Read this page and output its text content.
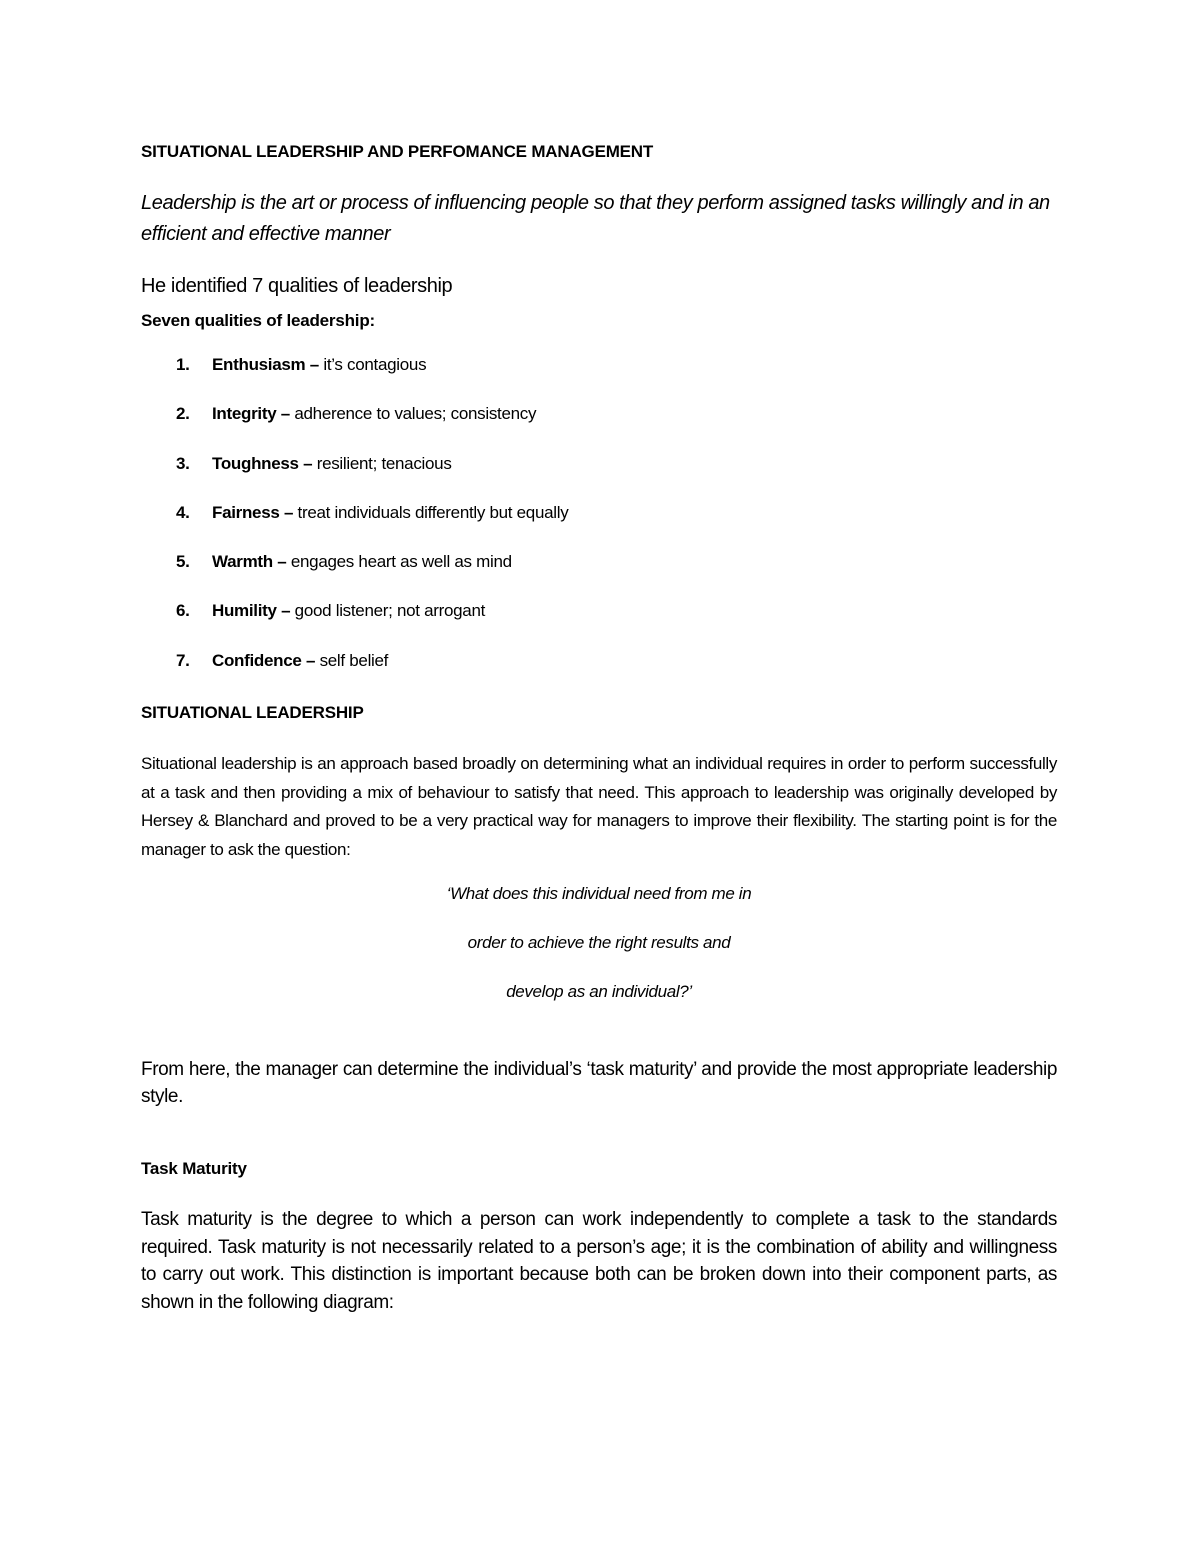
SITUATIONAL LEADERSHIP AND PERFOMANCE MANAGEMENT
Leadership is the art or process of influencing people so that they perform assigned tasks willingly and in an efficient and effective manner
He identified 7 qualities of leadership
Seven qualities of leadership:
1. Enthusiasm – it’s contagious
2. Integrity – adherence to values; consistency
3. Toughness – resilient; tenacious
4. Fairness – treat individuals differently but equally
5. Warmth – engages heart as well as mind
6. Humility – good listener; not arrogant
7. Confidence – self belief
SITUATIONAL LEADERSHIP

Situational leadership is an approach based broadly on determining what an individual requires in order to perform successfully at a task and then providing a mix of behaviour to satisfy that need. This approach to leadership was originally developed by Hersey & Blanchard and proved to be a very practical way for managers to improve their flexibility. The starting point is for the manager to ask the question:

‘What does this individual need from me in
order to achieve the right results and
develop as an individual?’

From here, the manager can determine the individual’s ‘task maturity’ and provide the most appropriate leadership style.

Task Maturity

Task maturity is the degree to which a person can work independently to complete a task to the standards required. Task maturity is not necessarily related to a person’s age; it is the combination of ability and willingness to carry out work. This distinction is important because both can be broken down into their component parts, as shown in the following diagram:
